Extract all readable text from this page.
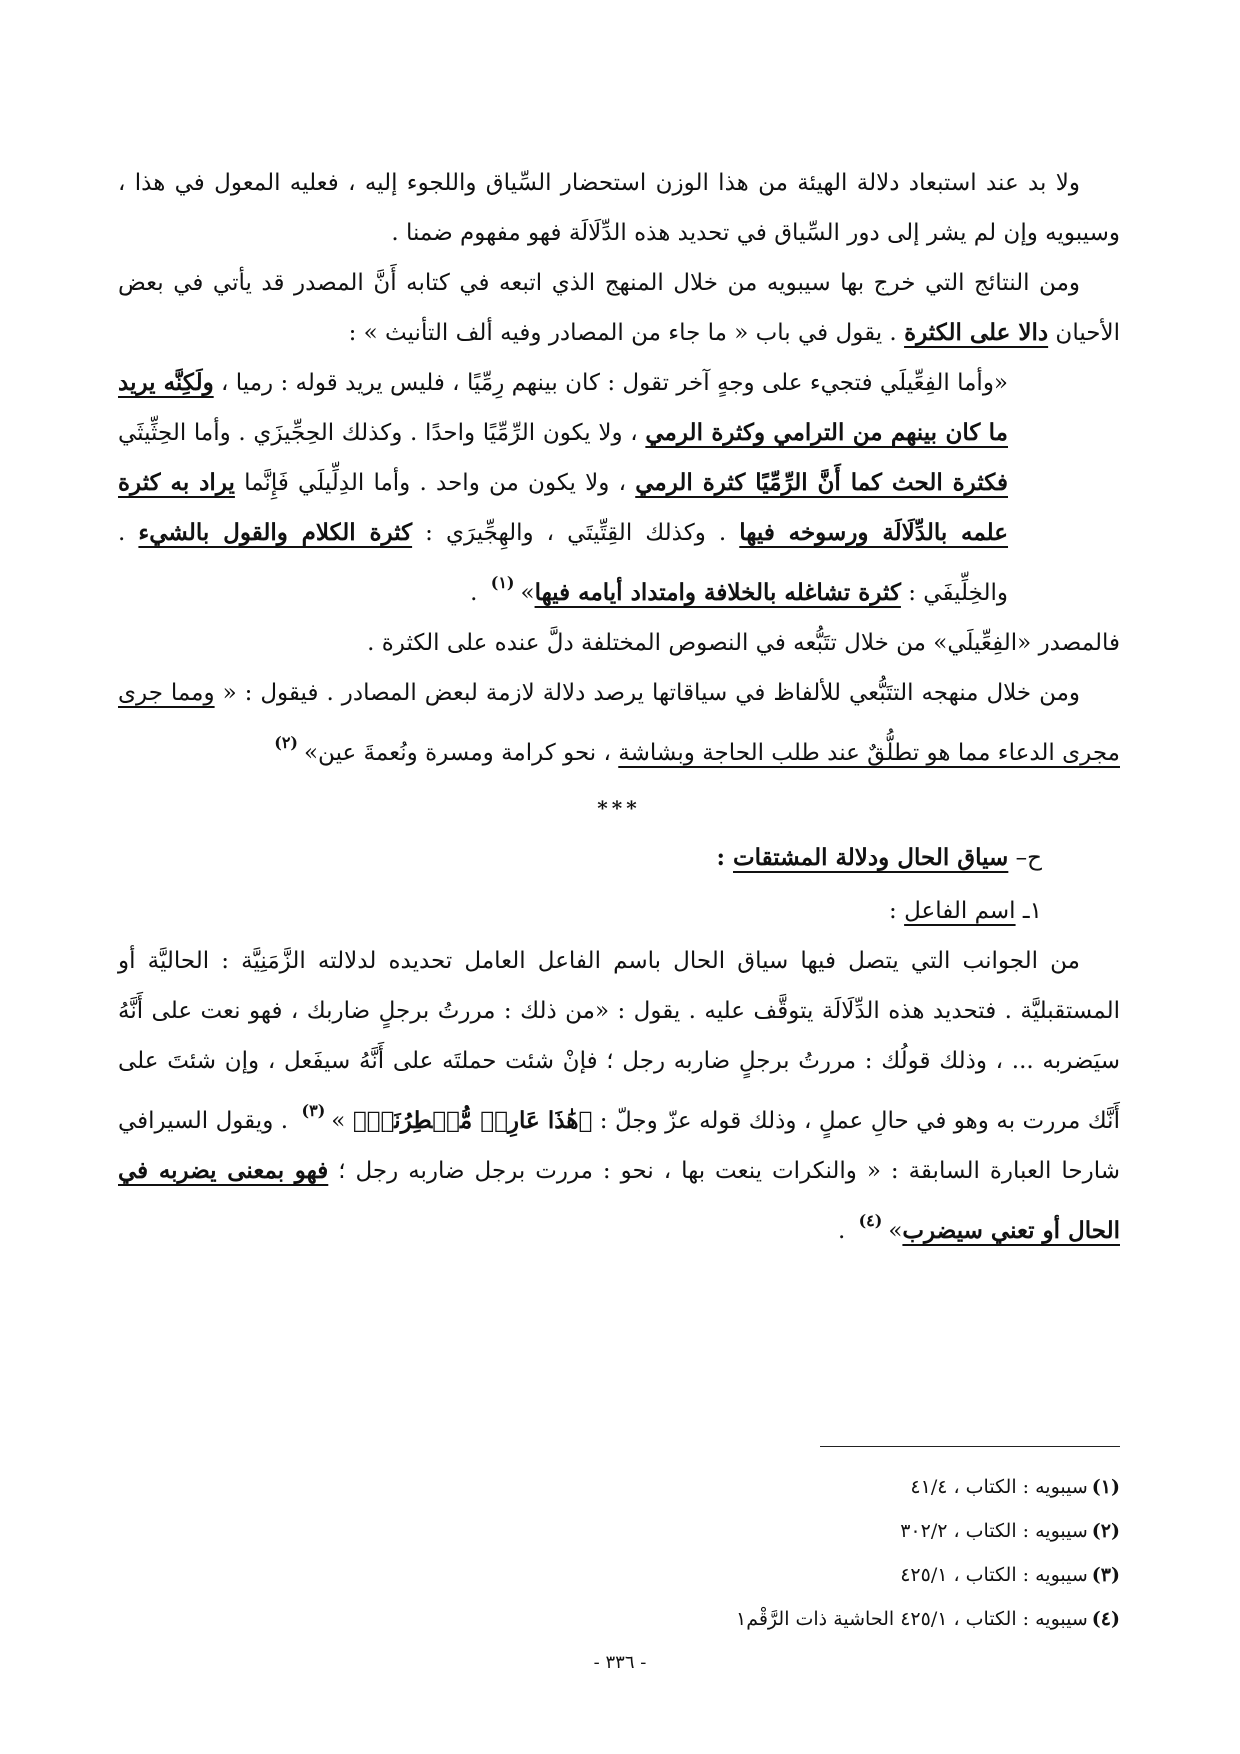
ولا بد عند استبعاد دلالة الهيئة من هذا الوزن استحضار السِّياق واللجوء إليه ، فعليه المعول في هذا ، وسيبويه وإن لم يشر إلى دور السِّياق في تحديد هذه الدِّلَالَة فهو مفهوم ضمنا .

ومن النتائج التي خرج بها سيبويه من خلال المنهج الذي اتبعه في كتابه أَنَّ المصدر قد يأتي في بعض الأحيان دالا على الكثرة . يقول في باب « ما جاء من المصادر وفيه ألف التأنيث » :

«وأما الفِعِّيلَي فتجيء على وجهٍ آخر تقول : كان بينهم رِمِّيًا ، فليس يريد قوله : رميا ، ولَكِنَّه يريد ما كان بينهم من الترامي وكثرة الرمي ، ولا يكون الرِّمِّيًا واحدًا . وكذلك الحِجِّيزَي . وأما الحِثِّيثَي فكثرة الحث كما أَنَّ الرِّمِّيًا كثرة الرمي ، ولا يكون من واحد . وأما الدِلِّيلَي فَإِنَّما يراد به كثرة علمه بالدِّلَالَة ورسوخه فيها . وكذلك القِتِّيتَي ، والهِجِّيرَي : كثرة الكلام والقول بالشيء . والخِلِّيفَي : كثرة تشاغله بالخلافة وامتداد أيامه فيها»$^{(١)}$ .

فالمصدر «الفِعِّيلَي» من خلال تتَبُّعه في النصوص المختلفة دلَّ عنده على الكثرة .

ومن خلال منهجه التتَبُّعي للألفاظ في سياقاتها يرصد دلالة لازمة لبعض المصادر . فيقول : « ومما جرى مجرى الدعاء مما هو تطلُّقٌ عند طلب الحاجة وبشاشة ، نحو كرامة ومسرة ونُعمةَ عين»$^{(٢)}$

***
ح– سياق الحال ودلالة المشتقات :
١ـ اسم الفاعل :

من الجوانب التي يتصل فيها سياق الحال باسم الفاعل العامل تحديده لدلالته الزَّمَنِيَّة : الحاليَّة أو المستقبليَّة . فتحديد هذه الدِّلَالَة يتوقَّف عليه . يقول : «من ذلك : مررتُ برجلٍ ضاربك ، فهو نعت على أَنَّهُ سيَضربه ... ، وذلك قولُك : مررتُ برجلٍ ضاربه رجل ؛ فإنْ شئت حملتَه على أَنَّهُ سيفَعل ، وإن شئتَ على أَنَّك مررت به وهو في حالِ عملٍ ، وذلك قوله عزّ وجلّ : ﴿هَٰذَا عَارِضٞ مُّمۡطِرُنَاۚ﴾ »$^{(٣)}$ . ويقول السيرافي شارحا العبارة السابقة : « والنكرات ينعت بها ، نحو : مررت برجل ضاربه رجل ؛ فهو بمعنى يضربه في الحال أو تعني سيضرب»$^{(٤)}$ .

(١)سيبويه : الكتاب ، ٤١/٤
(٢)سيبويه : الكتاب ، ٣٠٢/٢
(٣)سيبويه : الكتاب ، ٤٢٥/١
(٤)سيبويه : الكتاب ، ٤٢٥/١ الحاشية ذات الرَّقْم١
- ٣٣٦ -
